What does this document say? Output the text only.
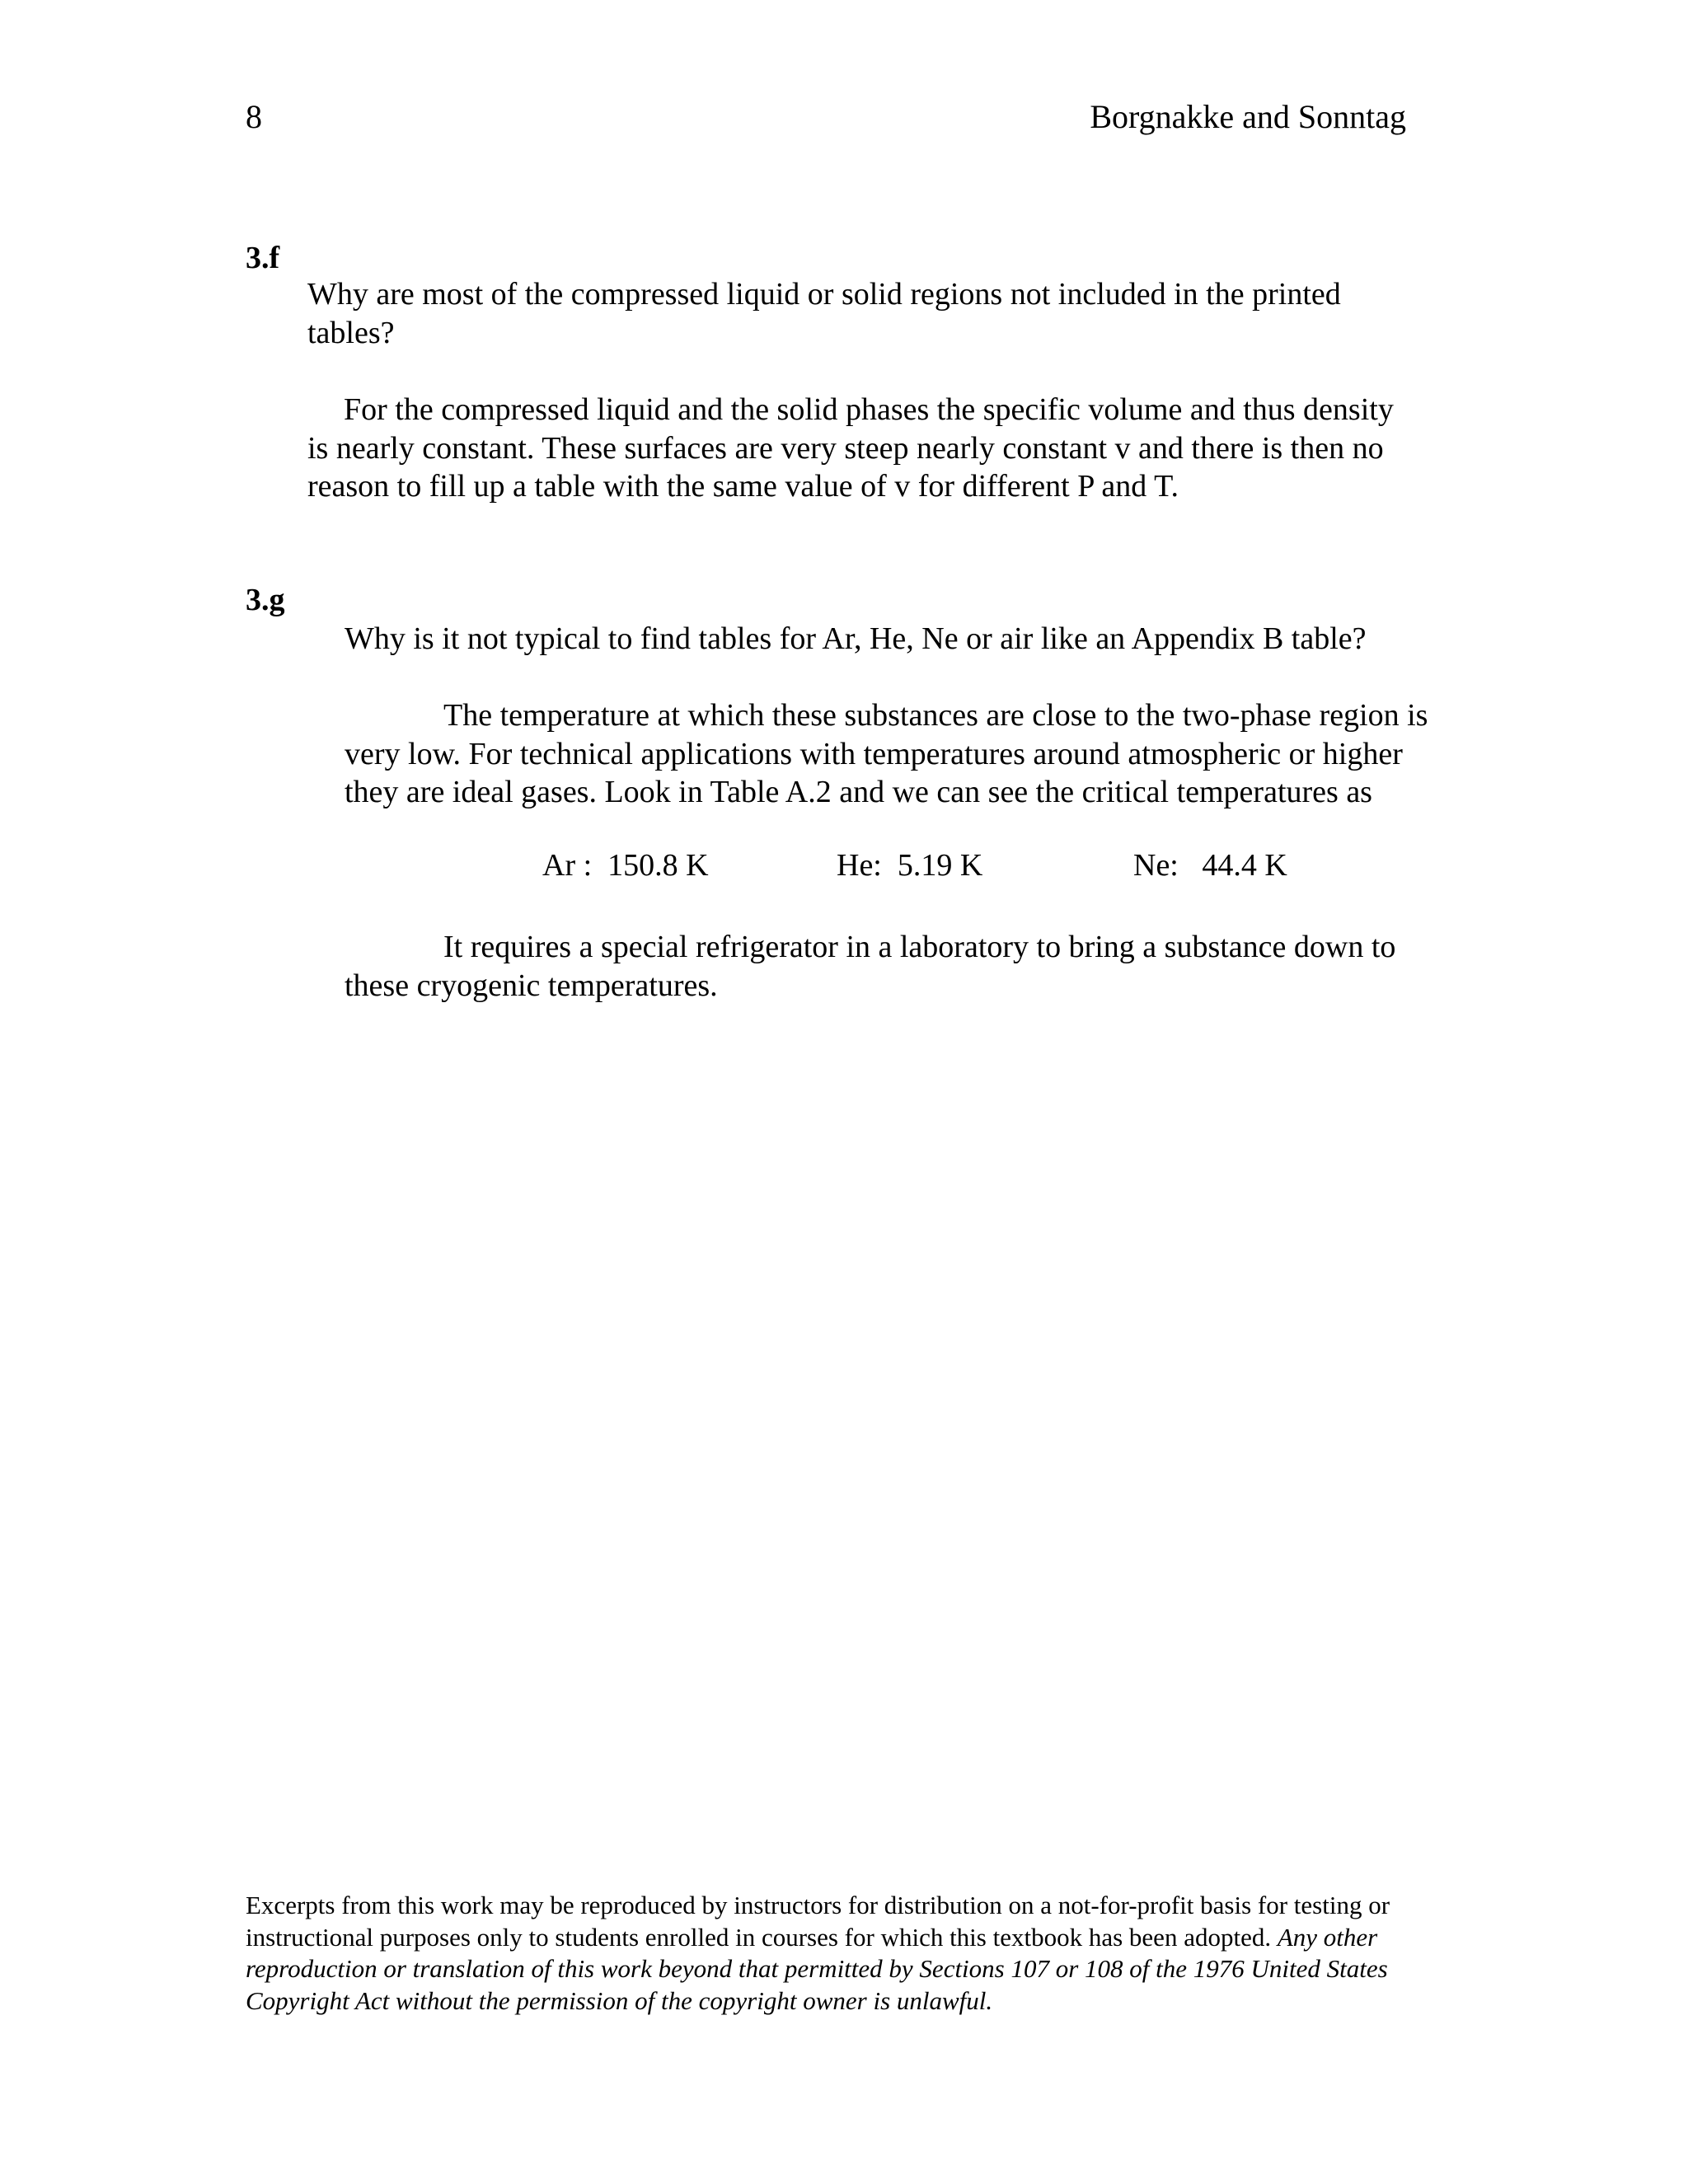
8	Borgnakke and Sonntag
3.f
Why are most of the compressed liquid or solid regions not included in the printed tables?
For the compressed liquid and the solid phases the specific volume and thus density is nearly constant. These surfaces are very steep nearly constant v and there is then no reason to fill up a table with the same value of v for different P and T.
3.g
Why is it not typical to find tables for Ar, He, Ne or air like an Appendix B table?
The temperature at which these substances are close to the two-phase region is very low. For technical applications with temperatures around atmospheric or higher they are ideal gases. Look in Table A.2 and we can see the critical temperatures as
Ar :  150.8 K	He:  5.19 K	Ne:   44.4 K
It requires a special refrigerator in a laboratory to bring a substance down to these cryogenic temperatures.
Excerpts from this work may be reproduced by instructors for distribution on a not-for-profit basis for testing or instructional purposes only to students enrolled in courses for which this textbook has been adopted. Any other reproduction or translation of this work beyond that permitted by Sections 107 or 108 of the 1976 United States Copyright Act without the permission of the copyright owner is unlawful.
